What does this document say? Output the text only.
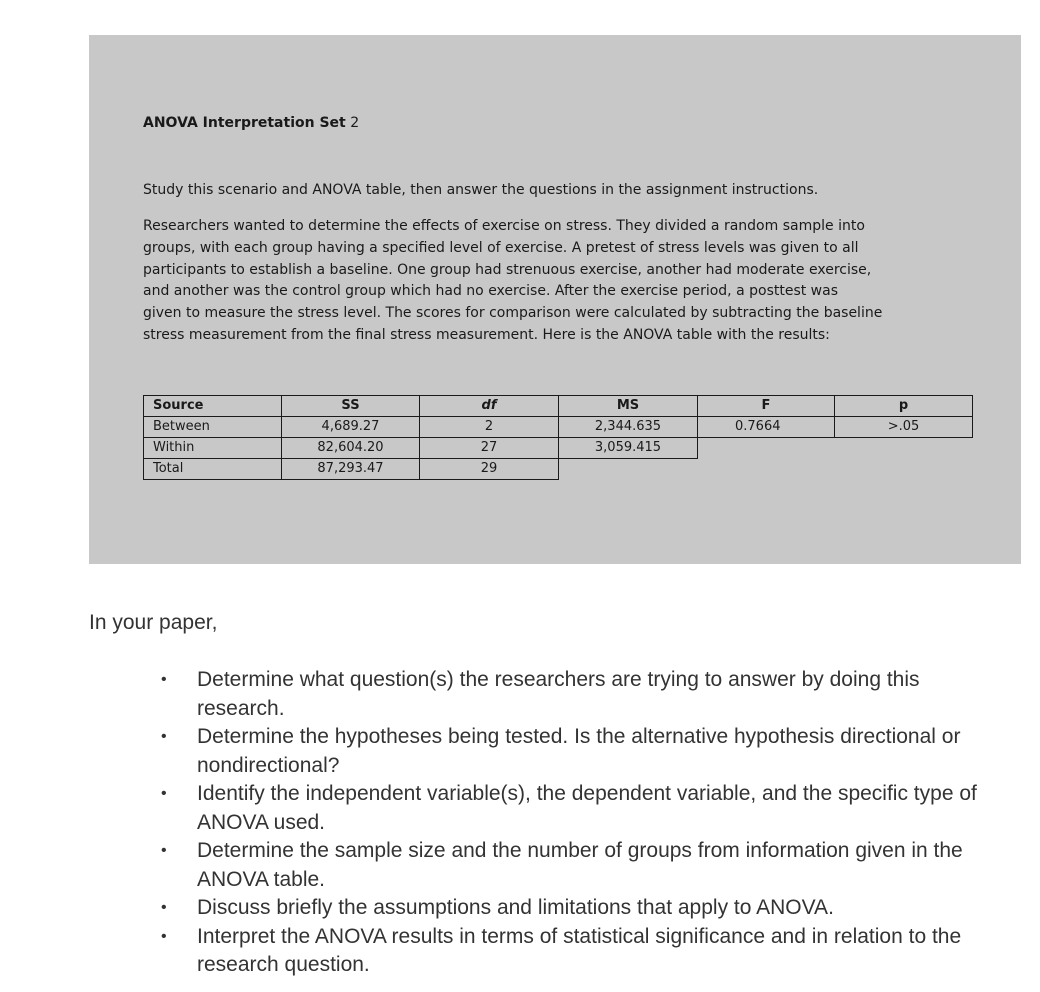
ANOVA Interpretation Set 2
Study this scenario and ANOVA table, then answer the questions in the assignment instructions.

Researchers wanted to determine the effects of exercise on stress. They divided a random sample into
groups, with each group having a specified level of exercise. A pretest of stress levels was given to all
participants to establish a baseline. One group had strenuous exercise, another had moderate exercise,
and another was the control group which had no exercise. After the exercise period, a posttest was
given to measure the stress level. The scores for comparison were calculated by subtracting the baseline
stress measurement from the final stress measurement. Here is the ANOVA table with the results:

Source	SS	df	MS	F	p
Between	4,689.27	2	2,344.635	0.7664	>.05
Within	82,604.20	27	3,059.415		
Total	87,293.47	29			
In your paper,
• Determine what question(s) the researchers are trying to answer by doing this research.
• Determine the hypotheses being tested. Is the alternative hypothesis directional or nondirectional?
• Identify the independent variable(s), the dependent variable, and the specific type of ANOVA used.
• Determine the sample size and the number of groups from information given in the ANOVA table.
• Discuss briefly the assumptions and limitations that apply to ANOVA.
• Interpret the ANOVA results in terms of statistical significance and in relation to the research question.
